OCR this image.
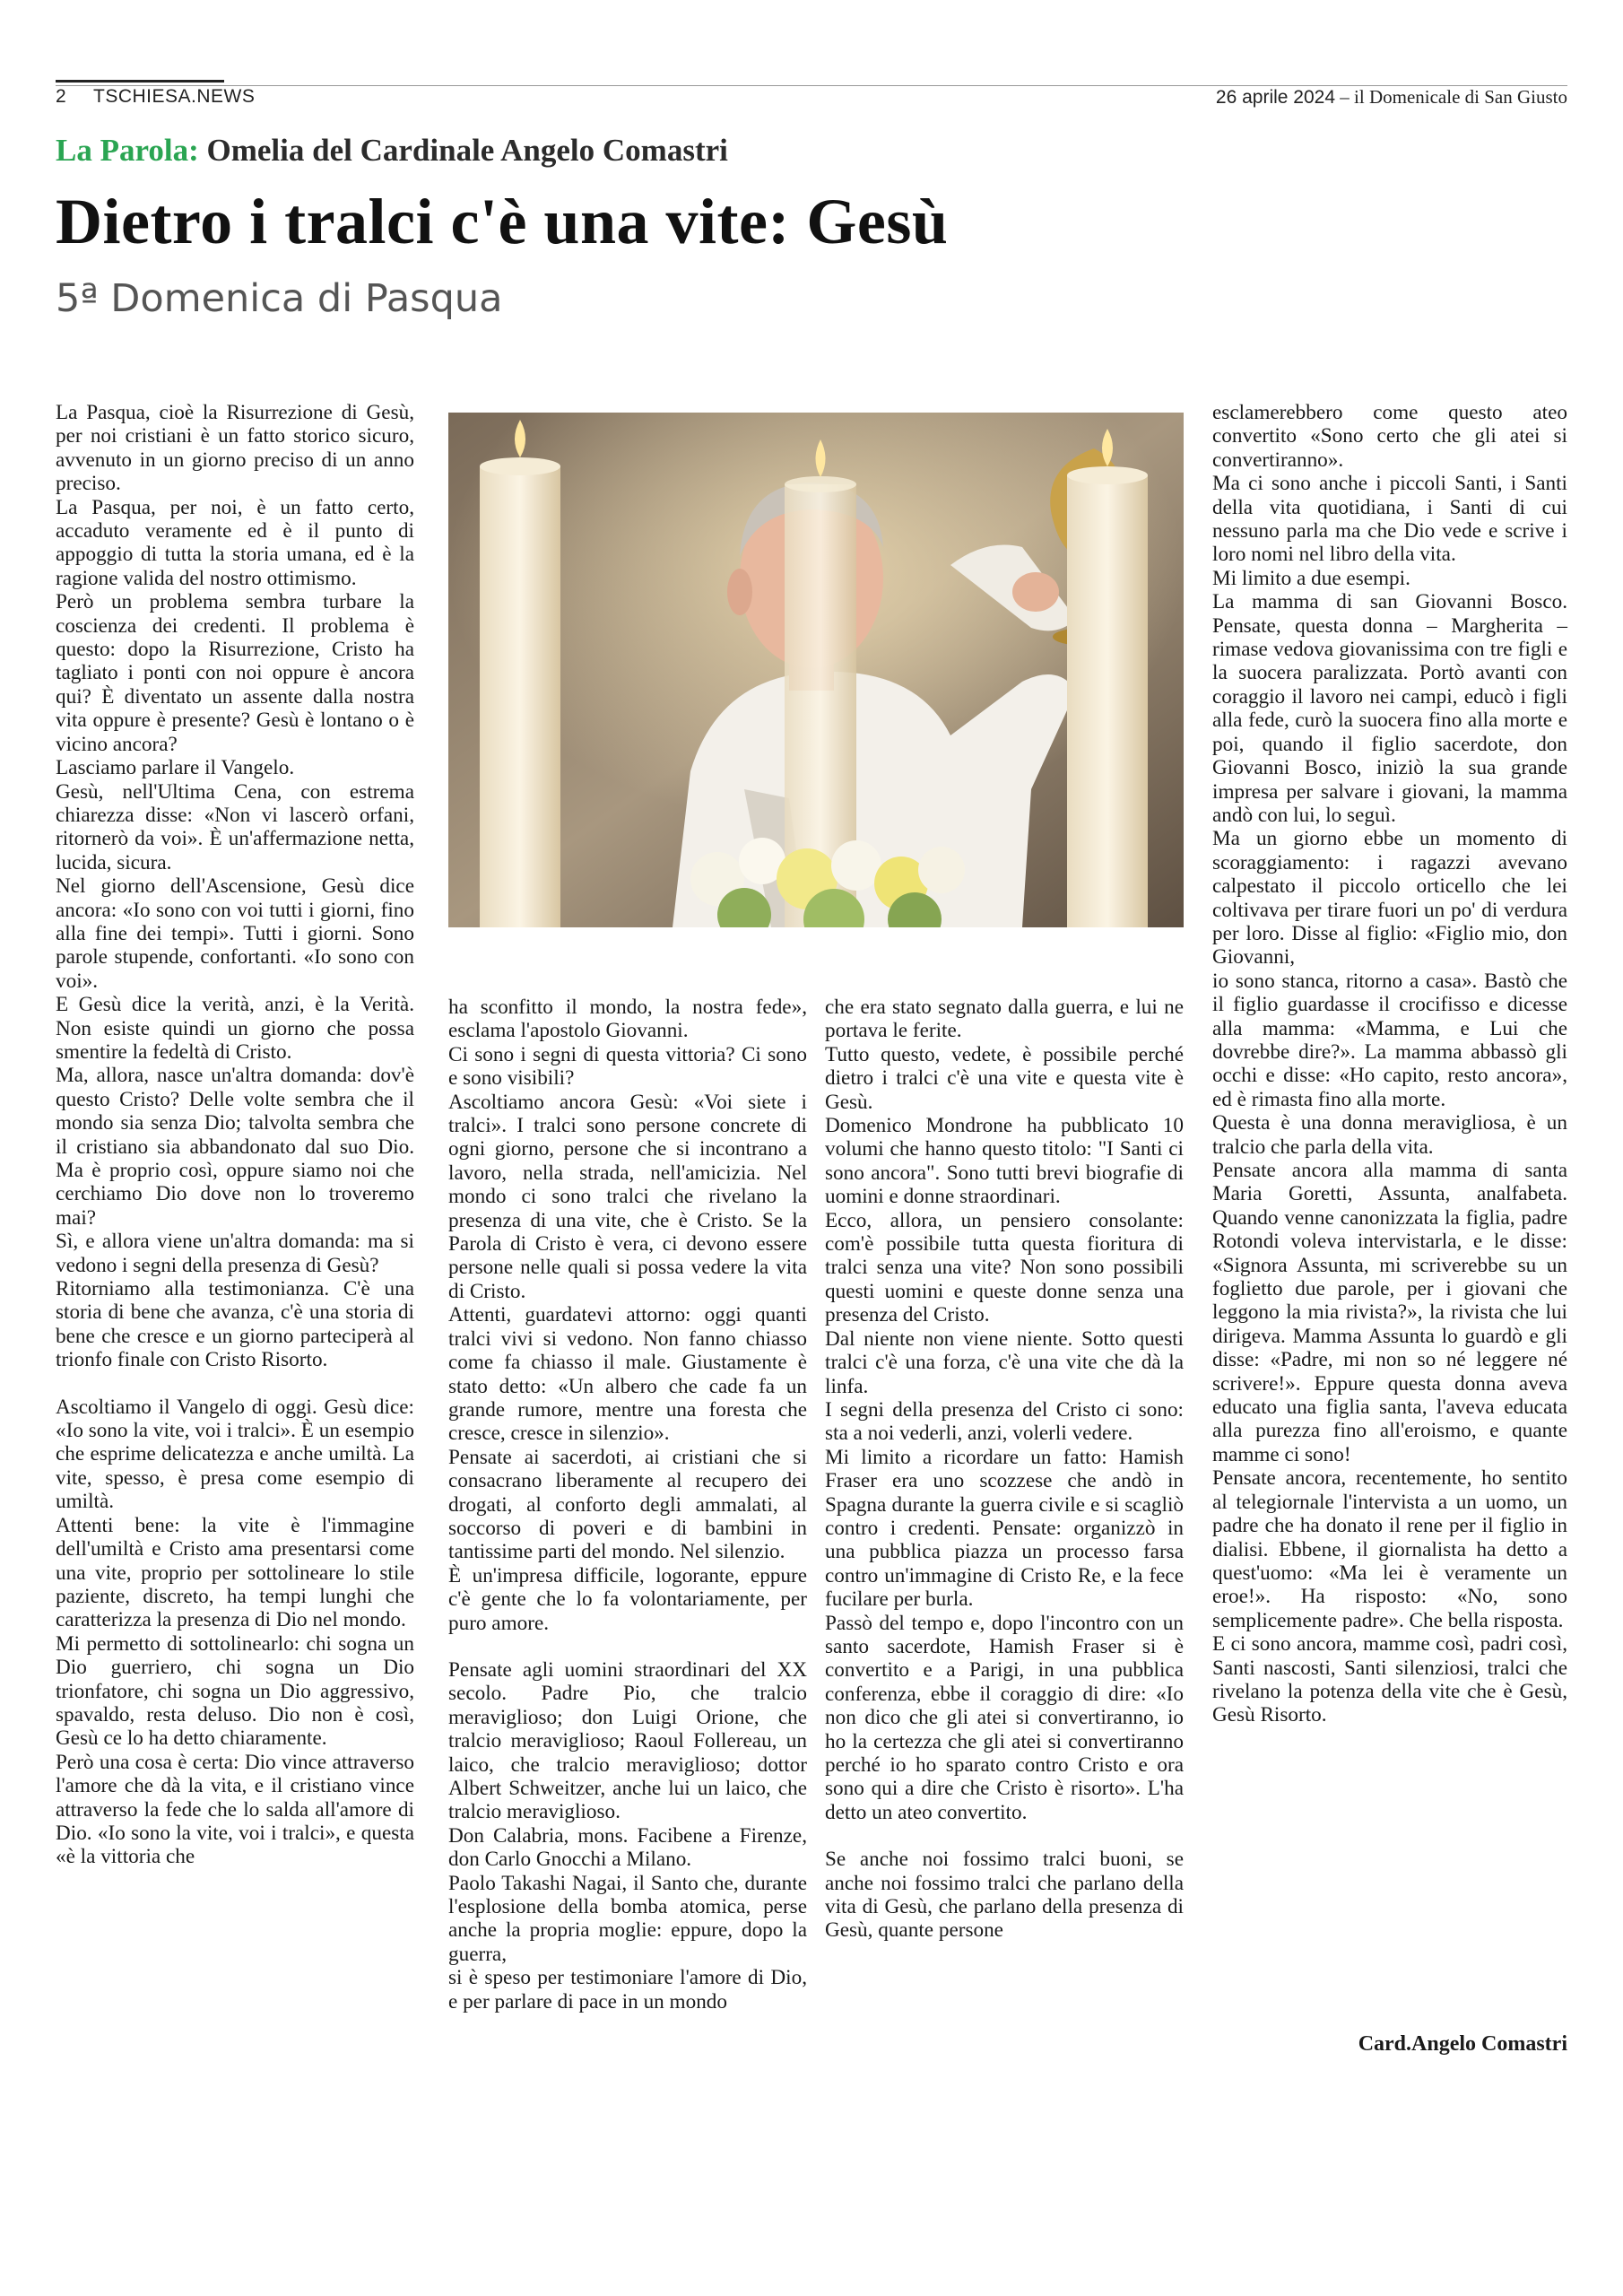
2 TSCHIESA.NEWS	26 aprile 2024 – il Domenicale di San Giusto
La Parola: Omelia del Cardinale Angelo Comastri
Dietro i tralci c'è una vite: Gesù
5ª Domenica di Pasqua

La Pasqua, cioè la Risurrezione di Gesù, per noi cristiani è un fatto storico sicuro, avvenuto in un giorno preciso di un anno preciso.

La Pasqua, per noi, è un fatto certo, accaduto veramente ed è il punto di appoggio di tutta la storia umana, ed è la ragione valida del nostro ottimismo.

Però un problema sembra turbare la coscienza dei credenti. Il problema è questo: dopo la Risurrezione, Cristo ha tagliato i ponti con noi oppure è ancora qui? È diventato un assente dalla nostra vita oppure è presente? Gesù è lontano o è vicino ancora?

Lasciamo parlare il Vangelo.

Gesù, nell'Ultima Cena, con estrema chiarezza disse: «Non vi lascerò orfani, ritornerò da voi». È un'affermazione netta, lucida, sicura.

Nel giorno dell'Ascensione, Gesù dice ancora: «Io sono con voi tutti i giorni, fino alla fine dei tempi». Tutti i giorni. Sono parole stupende, confortanti. «Io sono con voi».

E Gesù dice la verità, anzi, è la Verità. Non esiste quindi un giorno che possa smentire la fedeltà di Cristo.

Ma, allora, nasce un'altra domanda: dov'è questo Cristo? Delle volte sembra che il mondo sia senza Dio; talvolta sembra che il cristiano sia abbandonato dal suo Dio. Ma è proprio così, oppure siamo noi che cerchiamo Dio dove non lo troveremo mai?

Sì, e allora viene un'altra domanda: ma si vedono i segni della presenza di Gesù?

Ritorniamo alla testimonianza. C'è una storia di bene che avanza, c'è una storia di bene che cresce e un giorno parteciperà al trionfo finale con Cristo Risorto.

Ascoltiamo il Vangelo di oggi. Gesù dice: «Io sono la vite, voi i tralci». È un esempio che esprime delicatezza e anche umiltà. La vite, spesso, è presa come esempio di umiltà.

Attenti bene: la vite è l'immagine dell'umiltà e Cristo ama presentarsi come una vite, proprio per sottolineare lo stile paziente, discreto, ha tempi lunghi che caratterizza la presenza di Dio nel mondo.

Mi permetto di sottolinearlo: chi sogna un Dio guerriero, chi sogna un Dio trionfatore, chi sogna un Dio aggressivo, spavaldo, resta deluso. Dio non è così, Gesù ce lo ha detto chiaramente.

Però una cosa è certa: Dio vince attraverso l'amore che dà la vita, e il cristiano vince attraverso la fede che lo salda all'amore di Dio. «Io sono la vite, voi i tralci», e questa «è la vittoria che

ha sconfitto il mondo, la nostra fede», esclama l'apostolo Giovanni.

Ci sono i segni di questa vittoria? Ci sono e sono visibili?

Ascoltiamo ancora Gesù: «Voi siete i tralci». I tralci sono persone concrete di ogni giorno, persone che si incontrano a lavoro, nella strada, nell'amicizia. Nel mondo ci sono tralci che rivelano la presenza di una vite, che è Cristo. Se la Parola di Cristo è vera, ci devono essere persone nelle quali si possa vedere la vita di Cristo.

Attenti, guardatevi attorno: oggi quanti tralci vivi si vedono. Non fanno chiasso come fa chiasso il male. Giustamente è stato detto: «Un albero che cade fa un grande rumore, mentre una foresta che cresce, cresce in silenzio».

Pensate ai sacerdoti, ai cristiani che si consacrano liberamente al recupero dei drogati, al conforto degli ammalati, al soccorso di poveri e di bambini in tantissime parti del mondo. Nel silenzio.

È un'impresa difficile, logorante, eppure c'è gente che lo fa volontariamente, per puro amore.

Pensate agli uomini straordinari del XX secolo. Padre Pio, che tralcio meraviglioso; don Luigi Orione, che tralcio meraviglioso; Raoul Follereau, un laico, che tralcio meraviglioso; dottor Albert Schweitzer, anche lui un laico, che tralcio meraviglioso.

Don Calabria, mons. Facibene a Firenze, don Carlo Gnocchi a Milano.

Paolo Takashi Nagai, il Santo che, durante l'esplosione della bomba atomica, perse anche la propria moglie: eppure, dopo la guerra,

si è speso per testimoniare l'amore di Dio, e per parlare di pace in un mondo

che era stato segnato dalla guerra, e lui ne portava le ferite.

Tutto questo, vedete, è possibile perché dietro i tralci c'è una vite e questa vite è Gesù.

Domenico Mondrone ha pubblicato 10 volumi che hanno questo titolo: "I Santi ci sono ancora". Sono tutti brevi biografie di uomini e donne straordinari.

Ecco, allora, un pensiero consolante: com'è possibile tutta questa fioritura di tralci senza una vite? Non sono possibili questi uomini e queste donne senza una presenza del Cristo.

Dal niente non viene niente. Sotto questi tralci c'è una forza, c'è una vite che dà la linfa.

I segni della presenza del Cristo ci sono: sta a noi vederli, anzi, volerli vedere.

Mi limito a ricordare un fatto: Hamish Fraser era uno scozzese che andò in Spagna durante la guerra civile e si scagliò contro i credenti. Pensate: organizzò in una pubblica piazza un processo farsa contro un'immagine di Cristo Re, e la fece fucilare per burla.

Passò del tempo e, dopo l'incontro con un santo sacerdote, Hamish Fraser si è convertito e a Parigi, in una pubblica conferenza, ebbe il coraggio di dire: «Io non dico che gli atei si convertiranno, io ho la certezza che gli atei si convertiranno perché io ho sparato contro Cristo e ora sono qui a dire che Cristo è risorto». L'ha detto un ateo convertito.

Se anche noi fossimo tralci buoni, se anche noi fossimo tralci che parlano della vita di Gesù, che parlano della presenza di Gesù, quante persone

esclamerebbero come questo ateo convertito «Sono certo che gli atei si convertiranno».

Ma ci sono anche i piccoli Santi, i Santi della vita quotidiana, i Santi di cui nessuno parla ma che Dio vede e scrive i loro nomi nel libro della vita.

Mi limito a due esempi.

La mamma di san Giovanni Bosco. Pensate, questa donna – Margherita – rimase vedova giovanissima con tre figli e la suocera paralizzata. Portò avanti con coraggio il lavoro nei campi, educò i figli alla fede, curò la suocera fino alla morte e poi, quando il figlio sacerdote, don Giovanni Bosco, iniziò la sua grande impresa per salvare i giovani, la mamma andò con lui, lo seguì.

Ma un giorno ebbe un momento di scoraggiamento: i ragazzi avevano calpestato il piccolo orticello che lei coltivava per tirare fuori un po' di verdura per loro. Disse al figlio: «Figlio mio, don Giovanni,

io sono stanca, ritorno a casa». Bastò che il figlio guardasse il crocifisso e dicesse alla mamma: «Mamma, e Lui che dovrebbe dire?». La mamma abbassò gli occhi e disse: «Ho capito, resto ancora», ed è rimasta fino alla morte.

Questa è una donna meravigliosa, è un tralcio che parla della vita.

Pensate ancora alla mamma di santa Maria Goretti, Assunta, analfabeta. Quando venne canonizzata la figlia, padre Rotondi voleva intervistarla, e le disse: «Signora Assunta, mi scriverebbe su un foglietto due parole, per i giovani che leggono la mia rivista?», la rivista che lui dirigeva. Mamma Assunta lo guardò e gli disse: «Padre, mi non so né leggere né scrivere!». Eppure questa donna aveva educato una figlia santa, l'aveva educata alla purezza fino all'eroismo, e quante mamme ci sono!

Pensate ancora, recentemente, ho sentito al telegiornale l'intervista a un uomo, un padre che ha donato il rene per il figlio in dialisi. Ebbene, il giornalista ha detto a quest'uomo: «Ma lei è veramente un eroe!». Ha risposto: «No, sono semplicemente padre». Che bella risposta.

E ci sono ancora, mamme così, padri così, Santi nascosti, Santi silenziosi, tralci che rivelano la potenza della vite che è Gesù, Gesù Risorto.

Card.Angelo Comastri
